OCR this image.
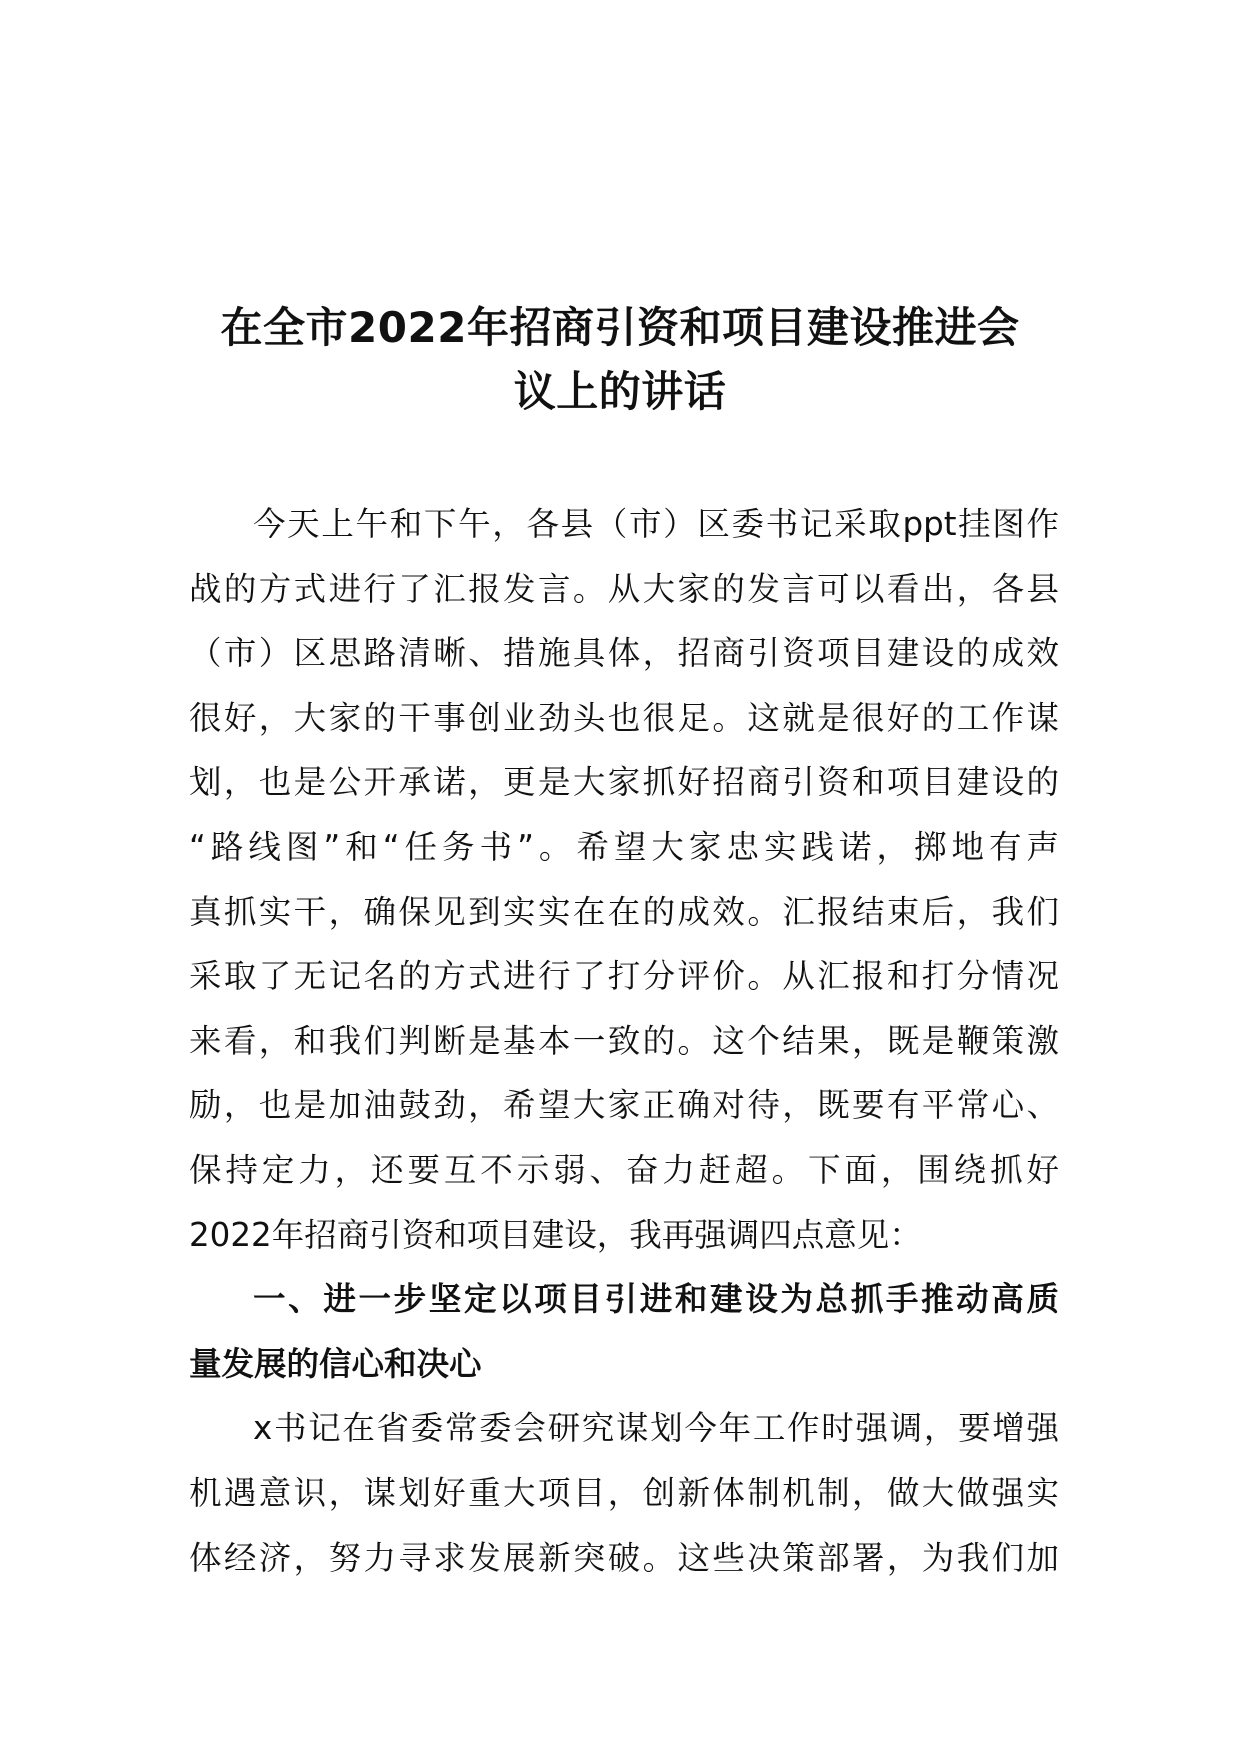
在全市2022年招商引资和项目建设推进会
议上的讲话
今天上午和下午，各县（市）区委书记采取ppt挂图作
战的方式进行了汇报发言。从大家的发言可以看出，各县
（市）区思路清晰、措施具体，招商引资项目建设的成效
很好，大家的干事创业劲头也很足。这就是很好的工作谋
划，也是公开承诺，更是大家抓好招商引资和项目建设的
“路线图”和“任务书”。希望大家忠实践诺，掷地有声
真抓实干，确保见到实实在在的成效。汇报结束后，我们
采取了无记名的方式进行了打分评价。从汇报和打分情况
来看，和我们判断是基本一致的。这个结果，既是鞭策激
励，也是加油鼓劲，希望大家正确对待，既要有平常心、
保持定力，还要互不示弱、奋力赶超。下面，围绕抓好
2022年招商引资和项目建设，我再强调四点意见：
一、进一步坚定以项目引进和建设为总抓手推动高质
量发展的信心和决心
x书记在省委常委会研究谋划今年工作时强调，要增强
机遇意识，谋划好重大项目，创新体制机制，做大做强实
体经济，努力寻求发展新突破。这些决策部署，为我们加
